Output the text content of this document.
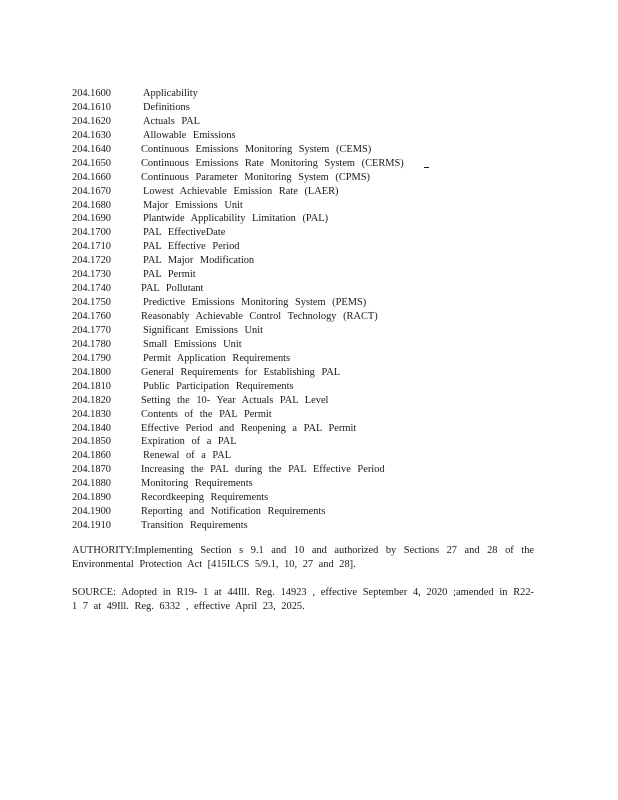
204.1600	Applicability
204.1610	Definitions
204.1620	Actuals PAL
204.1630	Allowable Emissions
204.1640	Continuous Emissions Monitoring System (CEMS)
204.1650	Continuous Emissions Rate Monitoring System (CERMS)
204.1660	Continuous Parameter Monitoring System (CPMS)
204.1670	Lowest Achievable Emission Rate (LAER)
204.1680	Major Emissions Unit
204.1690	Plantwide Applicability Limitation (PAL)
204.1700	PAL EffectiveDate
204.1710	PAL Effective Period
204.1720	PAL Major Modification
204.1730	PAL Permit
204.1740	PAL Pollutant
204.1750	Predictive Emissions Monitoring System (PEMS)
204.1760	Reasonably Achievable Control Technology (RACT)
204.1770	Significant Emissions Unit
204.1780	Small Emissions Unit
204.1790	Permit Application Requirements
204.1800	General Requirements for Establishing PAL
204.1810	Public Participation Requirements
204.1820	Setting the 10- Year Actuals PAL Level
204.1830	Contents of the PAL Permit
204.1840	Effective Period and Reopening a PAL Permit
204.1850	Expiration of a PAL
204.1860	Renewal of a PAL
204.1870	Increasing the PAL during the PAL Effective Period
204.1880	Monitoring Requirements
204.1890	Recordkeeping Requirements
204.1900	Reporting and Notification Requirements
204.1910	Transition Requirements

AUTHORITY:Implementing Section s 9.1 and 10 and authorized by Sections 27 and 28 of the Environmental Protection Act [415ILCS 5/9.1, 10, 27 and 28].

SOURCE: Adopted in R19- 1 at 44Ill. Reg. 14923 , effective September 4, 2020 ;amended in R22-1 7 at 49Ill. Reg. 6332 , effective April 23, 2025.
